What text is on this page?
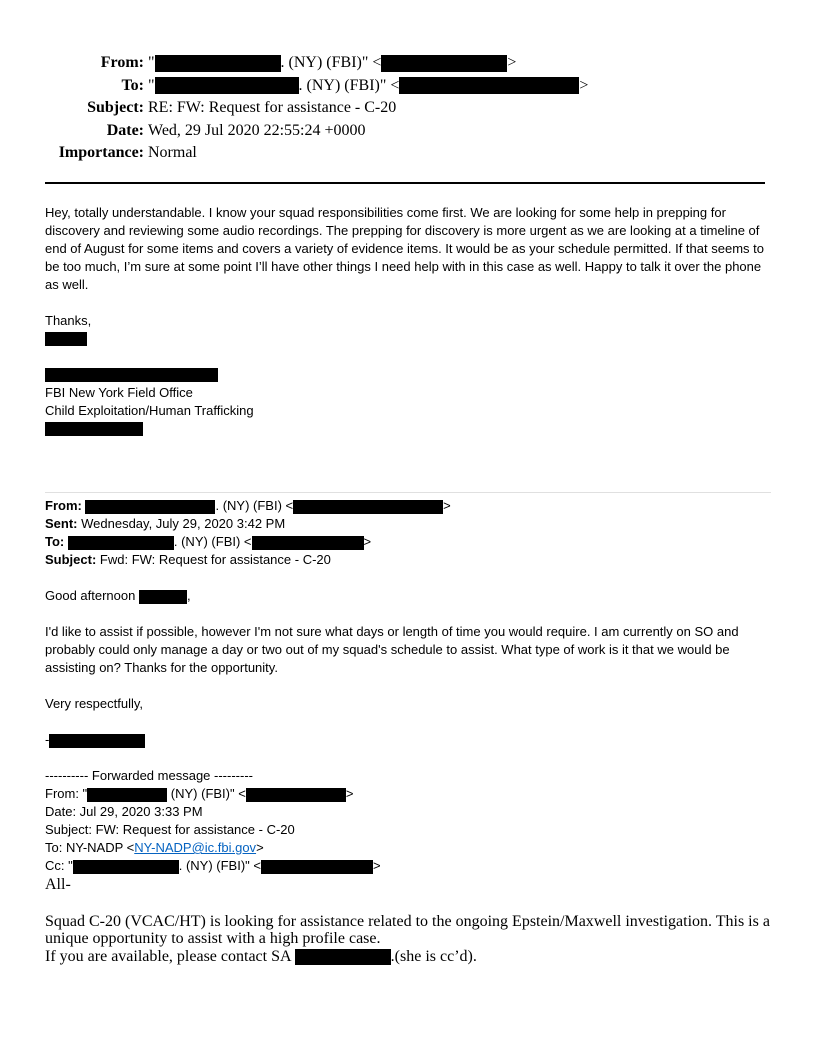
From: "	. (NY) (FBI)" <	>
To: "	. (NY) (FBI)" <	>
Subject: RE: FW: Request for assistance - C-20
Date: Wed, 29 Jul 2020 22:55:24 +0000
Importance: Normal
Hey, totally understandable. I know your squad responsibilities come first. We are looking for some help in prepping for discovery and reviewing some audio recordings. The prepping for discovery is more urgent as we are looking at a timeline of end of August for some items and covers a variety of evidence items. It would be as your schedule permitted. If that seems to be too much, I’m sure at some point I’ll have other things I need help with in this case as well. Happy to talk it over the phone as well.
Thanks,
FBI New York Field Office
Child Exploitation/Human Trafficking
From:	. (NY) (FBI) <	>
Sent: Wednesday, July 29, 2020 3:42 PM
To:	. (NY) (FBI) <	>
Subject: Fwd: FW: Request for assistance - C-20
Good afternoon	,
I'd like to assist if possible, however I'm not sure what days or length of time you would require. I am currently on SO and probably could only manage a day or two out of my squad's schedule to assist. What type of work is it that we would be assisting on? Thanks for the opportunity.
Very respectfully,
-
---------- Forwarded message ---------
From: "	(NY) (FBI)" <	>
Date: Jul 29, 2020 3:33 PM
Subject: FW: Request for assistance - C-20
To: NY-NADP <NY-NADP@ic.fbi.gov>
Cc: "	. (NY) (FBI)" <	>
All-
Squad C-20 (VCAC/HT) is looking for assistance related to the ongoing Epstein/Maxwell investigation. This is a unique opportunity to assist with a high profile case.
If you are available, please contact SA	.(she is cc’d).
